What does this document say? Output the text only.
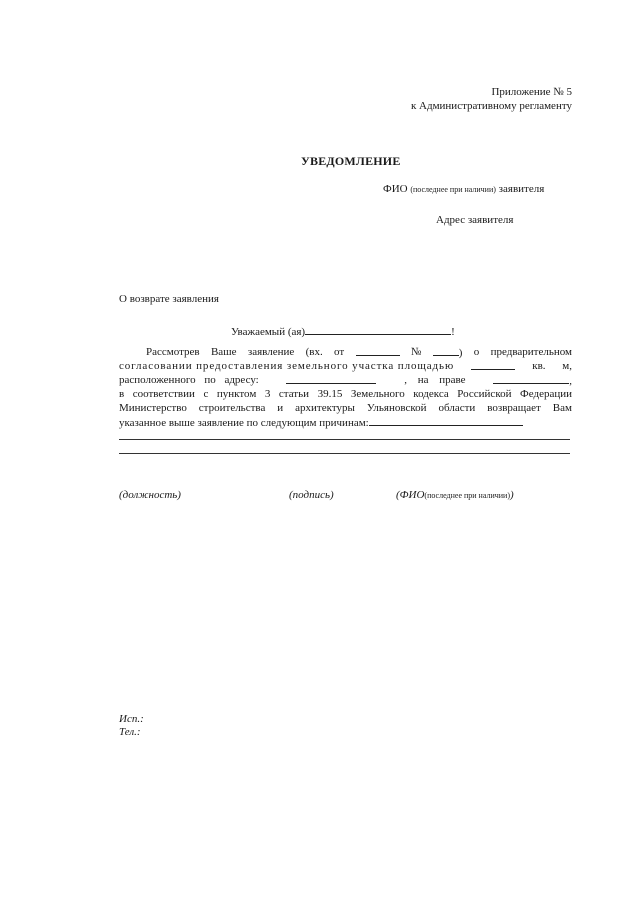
Приложение № 5
к Административному регламенту
УВЕДОМЛЕНИЕ
ФИО (последнее при наличии) заявителя
Адрес заявителя
О возврате заявления
Уважаемый (ая)	!
Рассмотрев Ваше заявление (вх. от	№	) о предварительном
согласовании предоставления земельного участка площадью	кв. м,
расположенного по адресу:	, на праве	,
в соответствии с пунктом 3 статьи 39.15 Земельного кодекса Российской Федерации
Министерство строительства и архитектуры Ульяновской области возвращает Вам
указанное выше заявление по следующим причинам:
(должность)	(подпись)	(ФИО(последнее при наличии))
Исп.:
Тел.:
